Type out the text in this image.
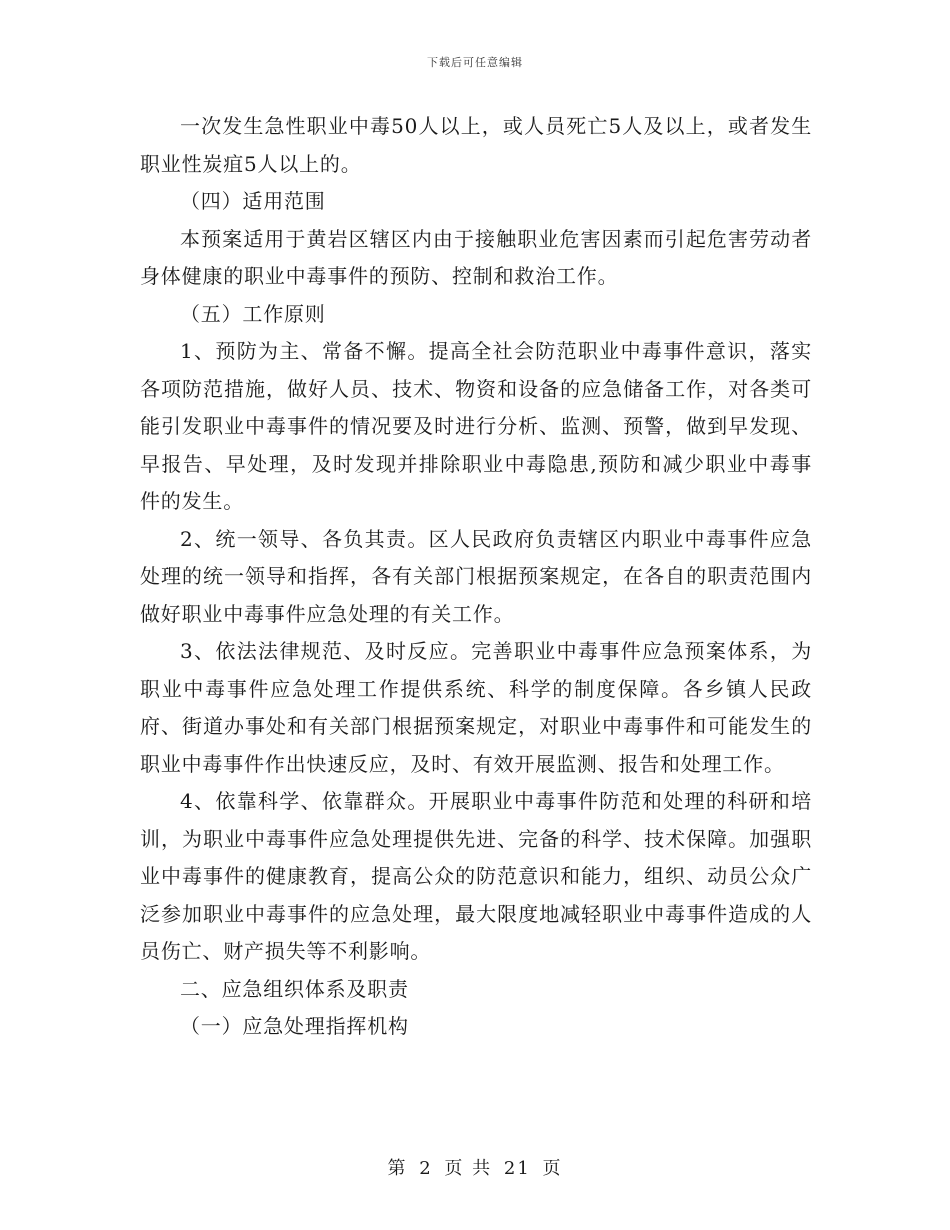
下载后可任意编辑

一次发生急性职业中毒50人以上，或人员死亡5人及以上，或者发生职业性炭疽5人以上的。

（四）适用范围

本预案适用于黄岩区辖区内由于接触职业危害因素而引起危害劳动者身体健康的职业中毒事件的预防、控制和救治工作。

（五）工作原则

1、预防为主、常备不懈。提高全社会防范职业中毒事件意识，落实各项防范措施，做好人员、技术、物资和设备的应急储备工作，对各类可能引发职业中毒事件的情况要及时进行分析、监测、预警，做到早发现、早报告、早处理，及时发现并排除职业中毒隐患,预防和减少职业中毒事件的发生。

2、统一领导、各负其责。区人民政府负责辖区内职业中毒事件应急处理的统一领导和指挥，各有关部门根据预案规定，在各自的职责范围内做好职业中毒事件应急处理的有关工作。

3、依法法律规范、及时反应。完善职业中毒事件应急预案体系，为职业中毒事件应急处理工作提供系统、科学的制度保障。各乡镇人民政府、街道办事处和有关部门根据预案规定，对职业中毒事件和可能发生的职业中毒事件作出快速反应，及时、有效开展监测、报告和处理工作。

4、依靠科学、依靠群众。开展职业中毒事件防范和处理的科研和培训，为职业中毒事件应急处理提供先进、完备的科学、技术保障。加强职业中毒事件的健康教育，提高公众的防范意识和能力，组织、动员公众广泛参加职业中毒事件的应急处理，最大限度地减轻职业中毒事件造成的人员伤亡、财产损失等不利影响。

二、应急组织体系及职责

（一）应急处理指挥机构

第 2 页 共 21 页
